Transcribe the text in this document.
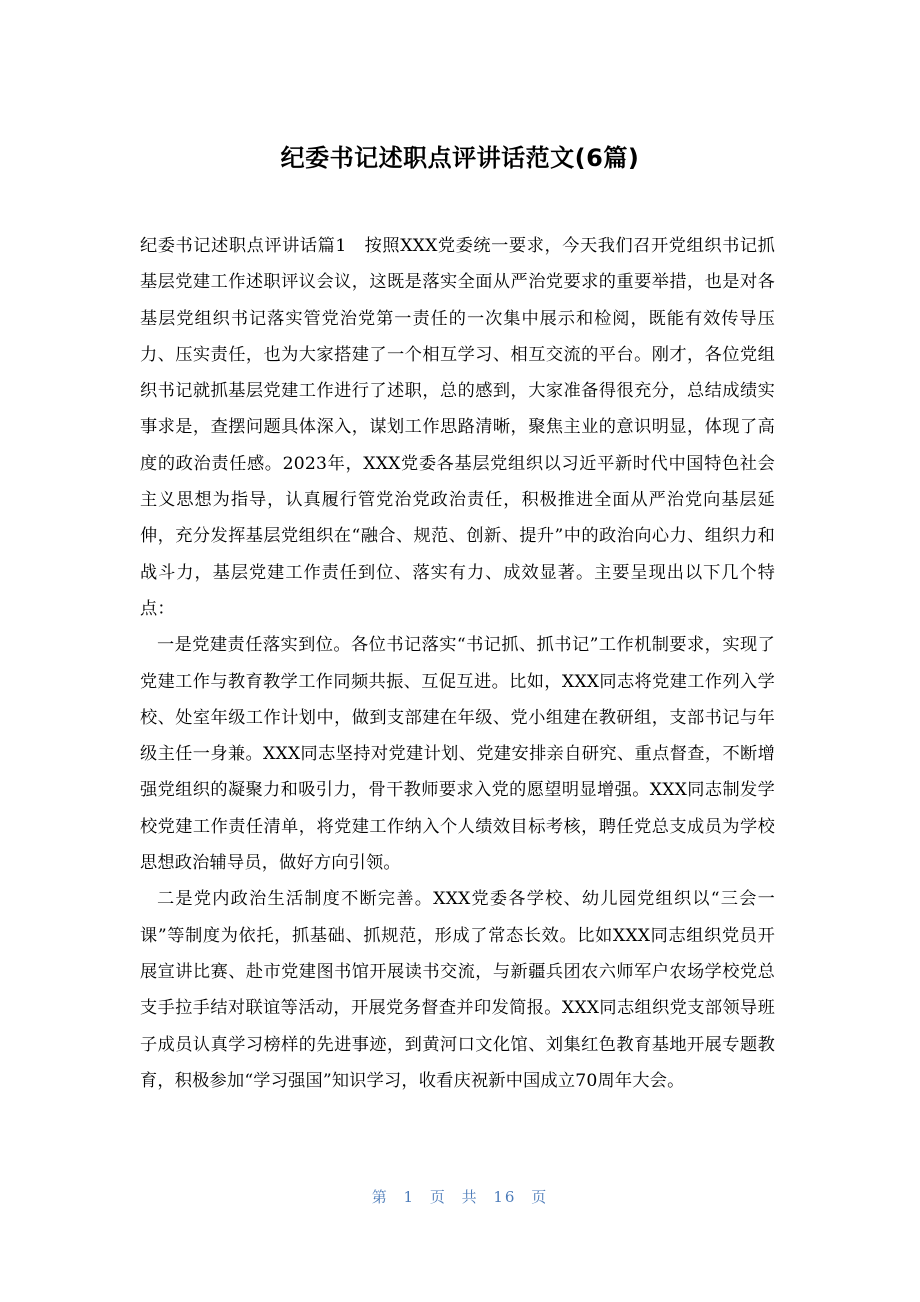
纪委书记述职点评讲话范文(6篇)

纪委书记述职点评讲话篇1　按照XXX党委统一要求，今天我们召开党组织书记抓基层党建工作述职评议会议，这既是落实全面从严治党要求的重要举措，也是对各基层党组织书记落实管党治党第一责任的一次集中展示和检阅，既能有效传导压力、压实责任，也为大家搭建了一个相互学习、相互交流的平台。刚才，各位党组织书记就抓基层党建工作进行了述职，总的感到，大家准备得很充分，总结成绩实事求是，查摆问题具体深入，谋划工作思路清晰，聚焦主业的意识明显，体现了高度的政治责任感。2023年，XXX党委各基层党组织以习近平新时代中国特色社会主义思想为指导，认真履行管党治党政治责任，积极推进全面从严治党向基层延伸，充分发挥基层党组织在“融合、规范、创新、提升”中的政治向心力、组织力和战斗力，基层党建工作责任到位、落实有力、成效显著。主要呈现出以下几个特点：

一是党建责任落实到位。各位书记落实“书记抓、抓书记”工作机制要求，实现了党建工作与教育教学工作同频共振、互促互进。比如，XXX同志将党建工作列入学校、处室年级工作计划中，做到支部建在年级、党小组建在教研组，支部书记与年级主任一身兼。XXX同志坚持对党建计划、党建安排亲自研究、重点督查，不断增强党组织的凝聚力和吸引力，骨干教师要求入党的愿望明显增强。XXX同志制发学校党建工作责任清单，将党建工作纳入个人绩效目标考核，聘任党总支成员为学校思想政治辅导员，做好方向引领。

二是党内政治生活制度不断完善。XXX党委各学校、幼儿园党组织以“三会一课”等制度为依托，抓基础、抓规范，形成了常态长效。比如XXX同志组织党员开展宣讲比赛、赴市党建图书馆开展读书交流，与新疆兵团农六师军户农场学校党总支手拉手结对联谊等活动，开展党务督查并印发简报。XXX同志组织党支部领导班子成员认真学习榜样的先进事迹，到黄河口文化馆、刘集红色教育基地开展专题教育，积极参加“学习强国”知识学习，收看庆祝新中国成立70周年大会。

第 1 页 共 16 页
